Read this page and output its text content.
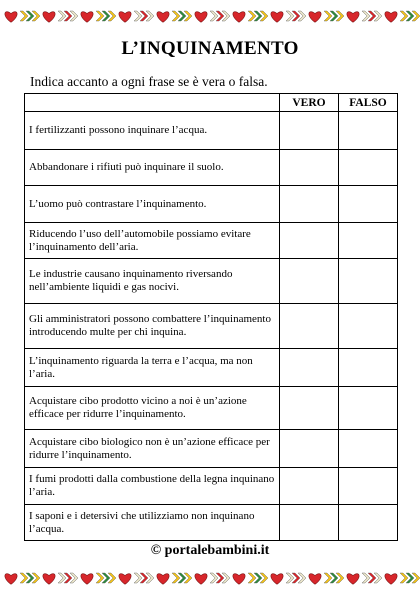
L’INQUINAMENTO
Indica accanto a ogni frase se è vera o falsa.
	VERO	FALSO
I fertilizzanti possono inquinare l’acqua.		
Abbandonare i rifiuti può inquinare il suolo.		
L’uomo può contrastare l’inquinamento.		
Riducendo l’uso dell’automobile possiamo evitare l’inquinamento dell’aria.		
Le industrie causano inquinamento riversando nell’ambiente liquidi e gas nocivi.		
Gli amministratori possono combattere l’inquinamento introducendo multe per chi inquina.		
L’inquinamento riguarda la terra e l’acqua, ma non l’aria.		
Acquistare cibo prodotto vicino a noi è un’azione efficace per ridurre l’inquinamento.		
Acquistare cibo biologico non è un’azione efficace per ridurre l’inquinamento.		
I fumi prodotti dalla combustione della legna inquinano l’aria.		
I saponi e i detersivi che utilizziamo non inquinano l’acqua.		
© portalebambini.it
